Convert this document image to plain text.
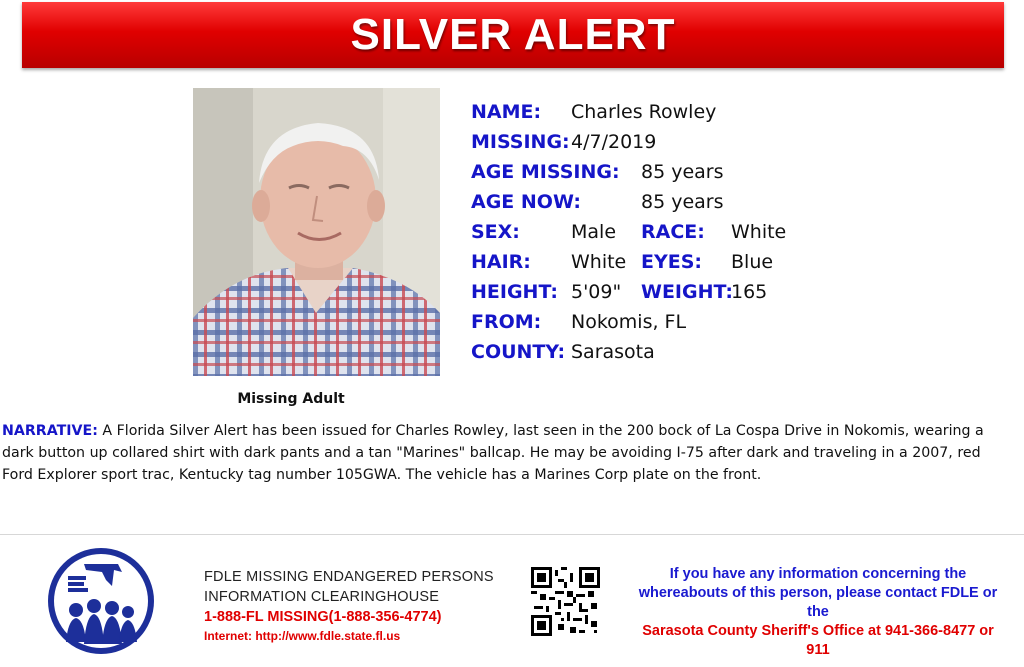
SILVER ALERT
Missing Adult
NAME: Charles Rowley
MISSING: 4/7/2019
AGE MISSING: 85 years
AGE NOW:	85 years
SEX:	Male RACE: White
HAIR: White EYES: Blue
HEIGHT: 5'09" WEIGHT:
165
FROM: Nokomis, FL
COUNTY: Sarasota
NARRATIVE: A Florida Silver Alert has been issued for Charles Rowley, last seen in the 200 bock of La Cospa Drive in Nokomis, wearing a dark button up collared shirt with dark pants and a tan "Marines" ballcap. He may be avoiding I-75 after dark and traveling in a 2007, red Ford Explorer sport trac, Kentucky tag number 105GWA. The vehicle has a Marines Corp plate on the front.
FDLE MISSING ENDANGERED PERSONS
INFORMATION CLEARINGHOUSE
1-888-FL MISSING(1-888-356-4774)
Internet: http://www.fdle.state.fl.us
If you have any information concerning the
whereabouts of this person, please contact FDLE or
the
Sarasota County Sheriff's Office at 941-366-8477 or
911
